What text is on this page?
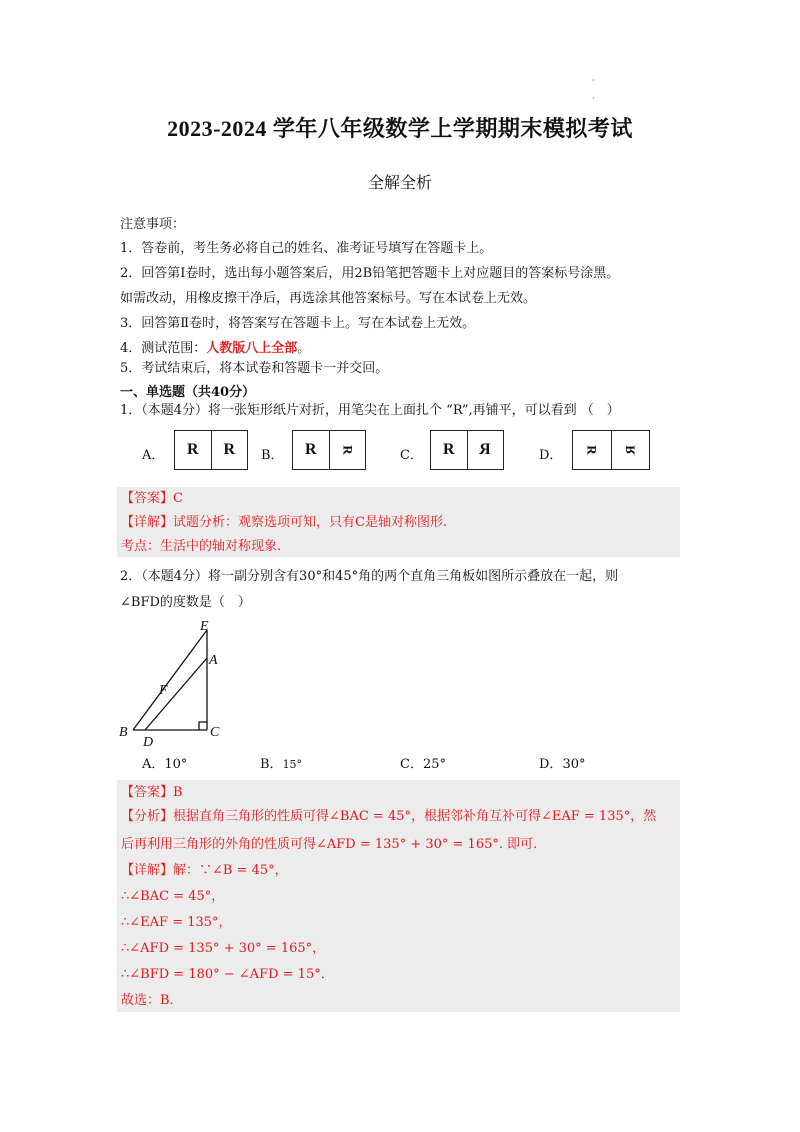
·
·
2023-2024 学年八年级数学上学期期末模拟考试
全解全析
注意事项：
1．答卷前，考生务必将自己的姓名、准考证号填写在答题卡上。
2．回答第Ⅰ卷时，选出每小题答案后，用2B铅笔把答题卡上对应题目的答案标号涂黑。
如需改动，用橡皮擦干净后，再选涂其他答案标号。写在本试卷上无效。
3．回答第Ⅱ卷时，将答案写在答题卡上。写在本试卷上无效。
4．测试范围：人教版八上全部。
5．考试结束后，将本试卷和答题卡一并交回。
一、单选题（共40分）
1．（本题4分）将一张矩形纸片对折，用笔尖在上面扎个 “R”,再铺平，可以看到 （　）
A．	R	R	B．	R	R	C．	R	R	D． R R
【答案】C
【详解】试题分析：观察选项可知，只有C是轴对称图形.
考点：生活中的轴对称现象.
2．（本题4分）将一副分别含有30°和45°角的两个直角三角板如图所示叠放在一起，则
∠BFD的度数是（　）
E
A
F
B
D
C
A．10°	B．15°	C．25°	D．30°
【答案】B
【分析】根据直角三角形的性质可得∠BAC = 45°，根据邻补角互补可得∠EAF = 135°，然
后再利用三角形的外角的性质可得∠AFD = 135° + 30° = 165°. 即可.
【详解】解：∵∠B = 45°，
∴∠BAC = 45°，
∴∠EAF = 135°，
∴∠AFD = 135° + 30° = 165°，
∴∠BFD = 180° − ∠AFD = 15°．
故选：B．
